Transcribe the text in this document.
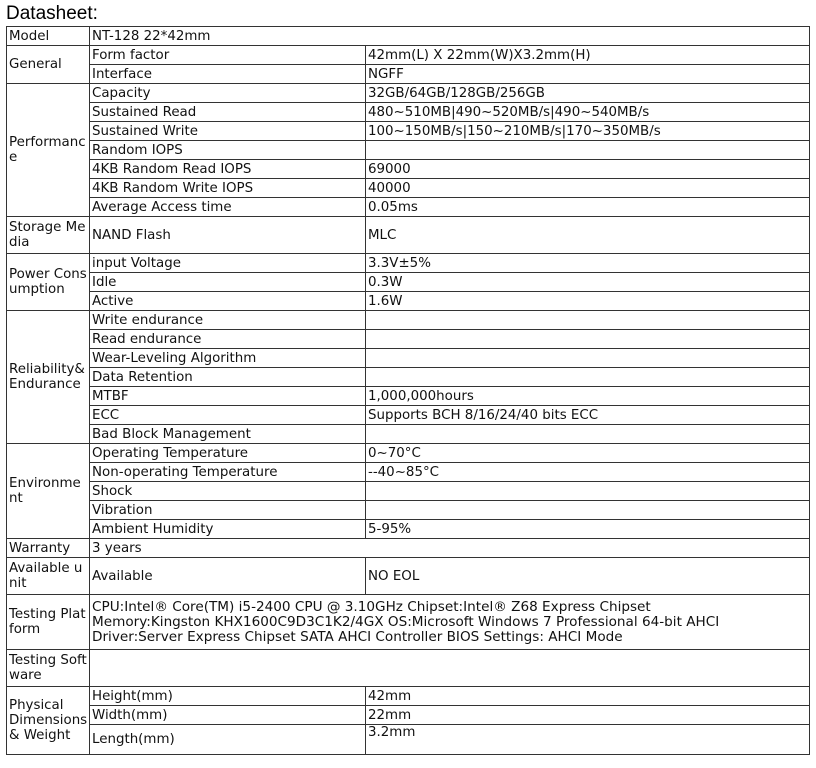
Datasheet:
Model	NT-128 22*42mm	
General	Form factor	42mm(L) X 22mm(W)X3.2mm(H)
	Interface	NGFF
Performance	Capacity	32GB/64GB/128GB/256GB
	Sustained Read	480~510MB|490~520MB/s|490~540MB/s
	Sustained Write	100~150MB/s|150~210MB/s|170~350MB/s
	Random IOPS	
	4KB Random Read IOPS	69000
	4KB Random Write IOPS	40000
	Average Access time	0.05ms
Storage Media	NAND Flash	MLC
Power Consumption	input Voltage	3.3V±5%
	Idle	0.3W
	Active	1.6W
Reliability& Endurance	Write endurance	
	Read endurance	
	Wear-Leveling Algorithm	
	Data Retention	
	MTBF	1,000,000hours
	ECC	Supports BCH 8/16/24/40 bits ECC
	Bad Block Management	
Environment	Operating Temperature	0~70°C
	Non-operating Temperature	--40~85°C
	Shock	
	Vibration	
	Ambient Humidity	5-95%
Warranty	3 years	
Available unit	Available	NO EOL
Testing Platform	CPU:Intel® Core(TM) i5-2400 CPU @ 3.10GHz Chipset:Intel® Z68 Express Chipset
Memory:Kingston KHX1600C9D3C1K2/4GX OS:Microsoft Windows 7 Professional 64-bit AHCI
Driver:Server Express Chipset SATA AHCI Controller BIOS Settings: AHCI Mode	

Testing Software		
Physical Dimensions & Weight	Height(mm)	42mm
	Width(mm)	22mm
	Length(mm)	3.2mm
